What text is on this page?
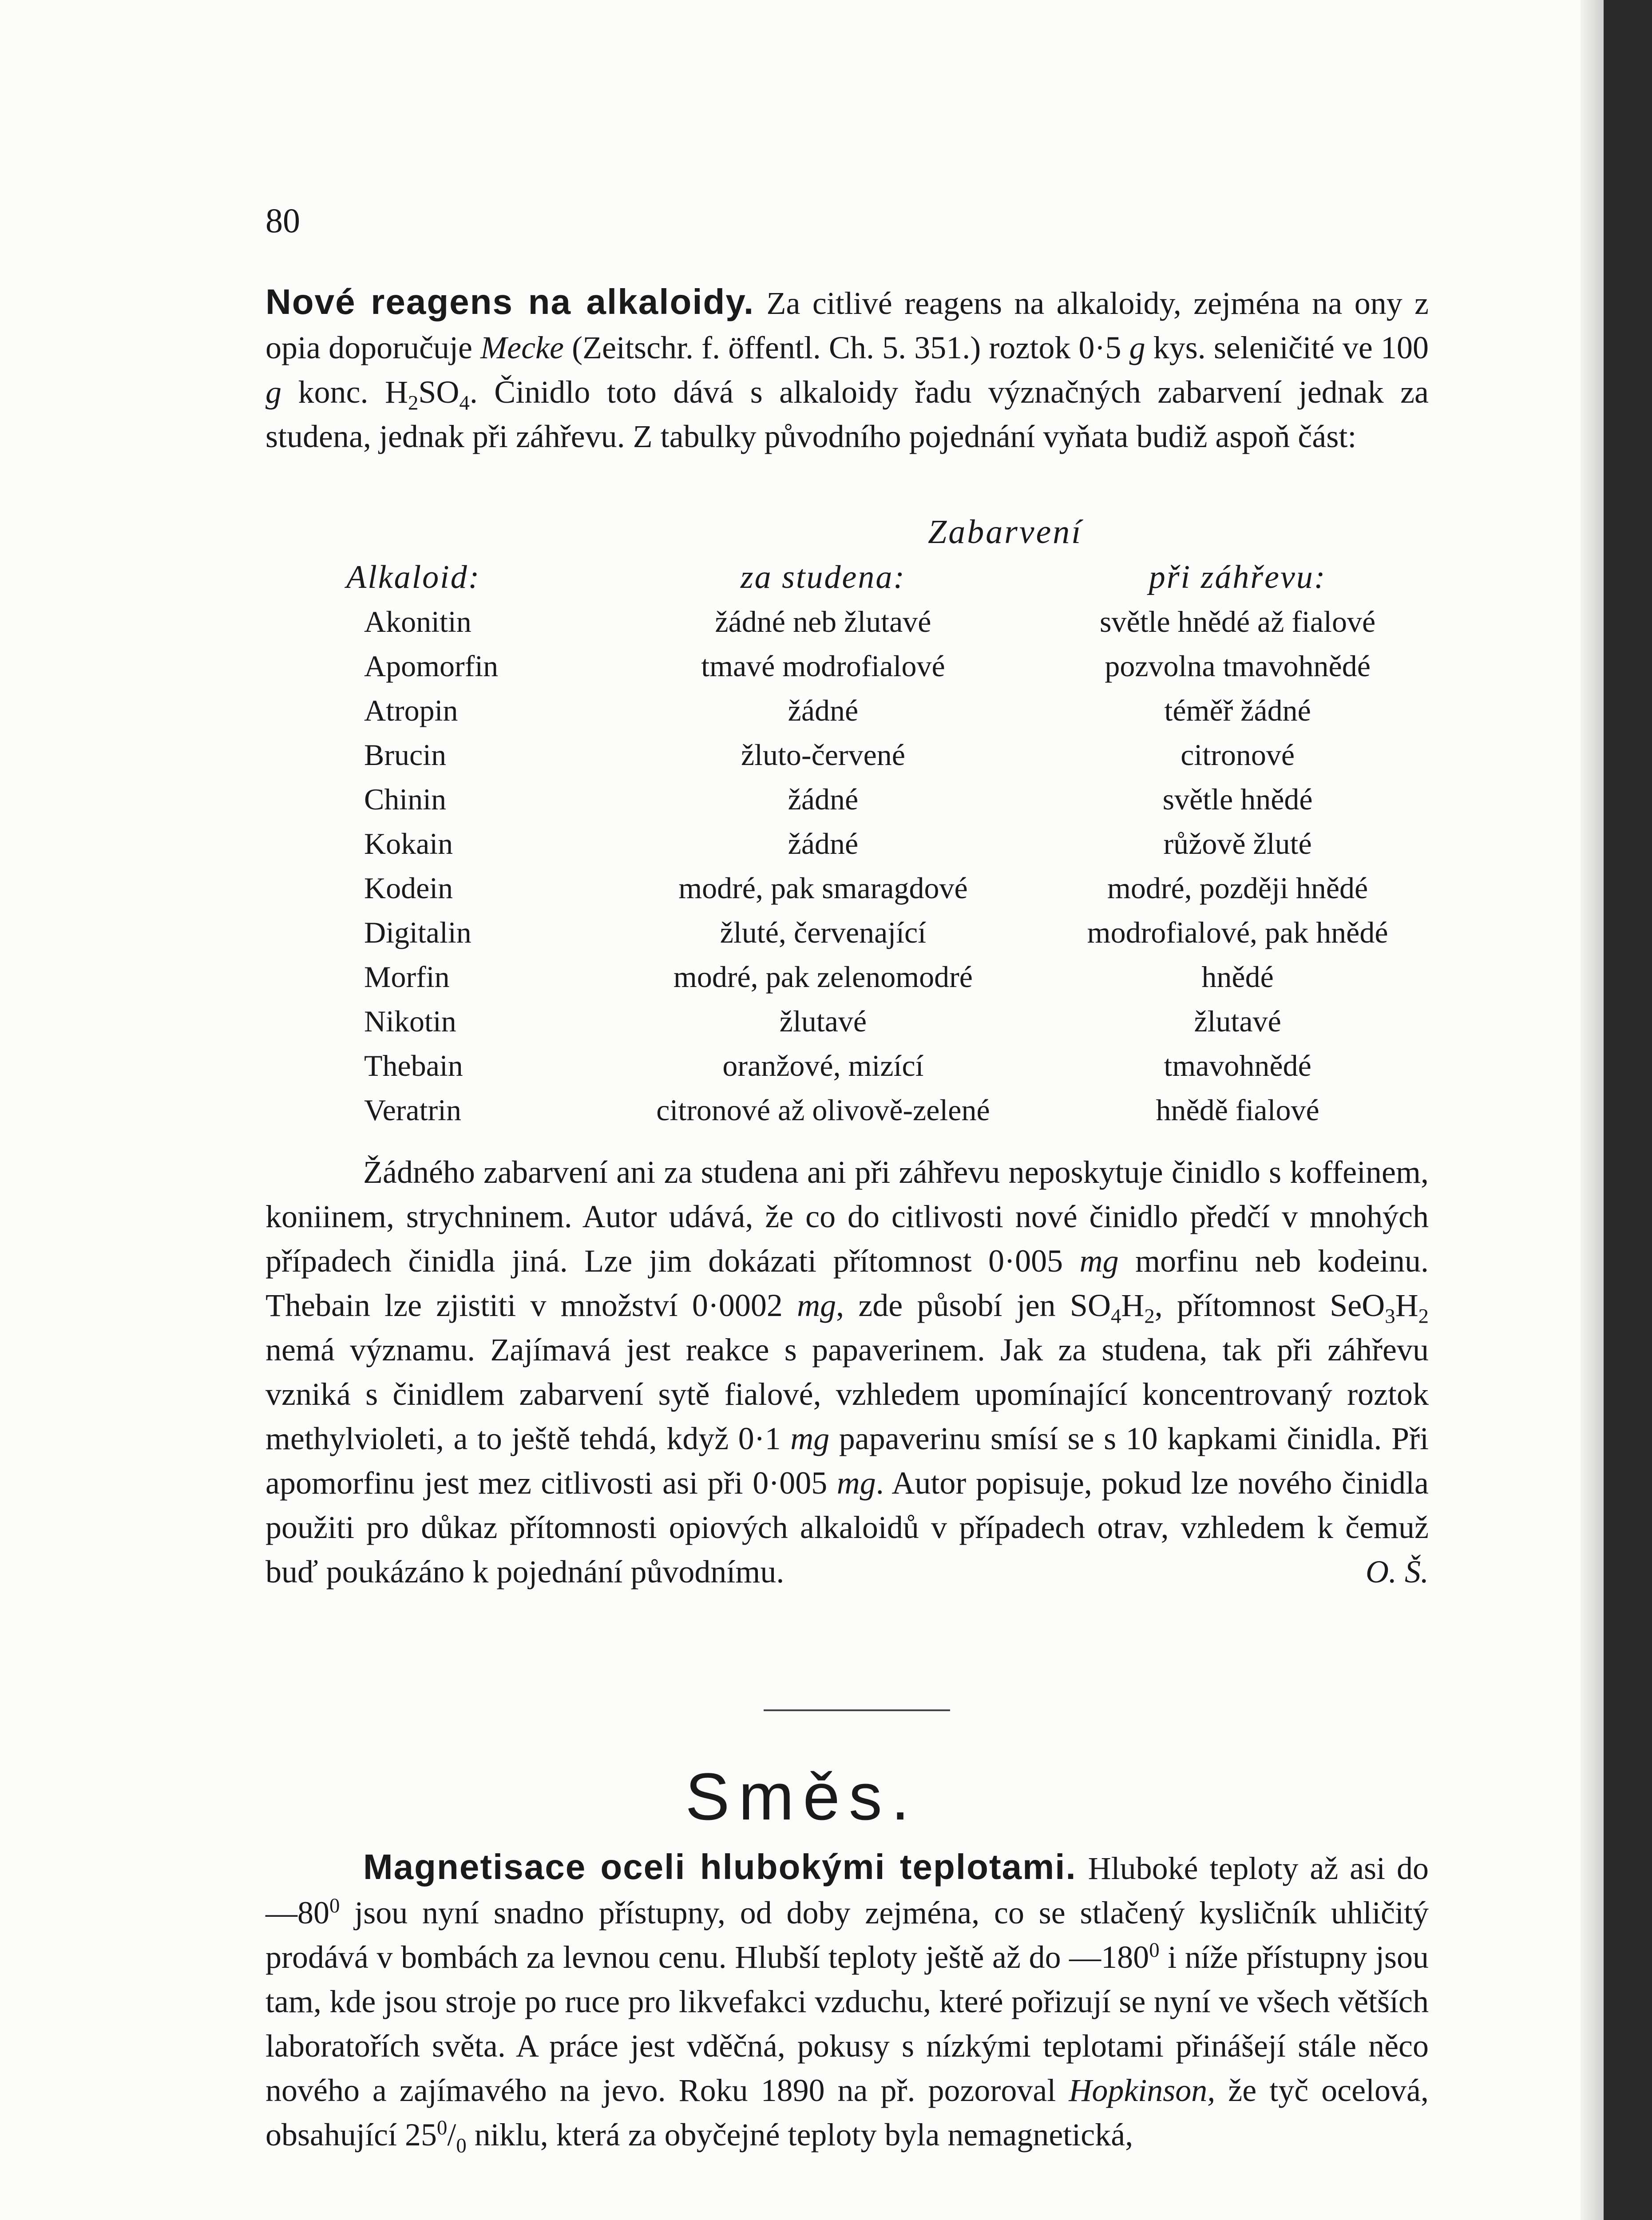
80
Nové reagens na alkaloidy. Za citlivé reagens na alkaloidy, zejména na ony z opia doporučuje Mecke (Zeitschr. f. öffentl. Ch. 5. 351.) roztok 0·5 g kys. seleničité ve 100 g konc. $H_2SO_4$. Činidlo toto dává s alkaloidy řadu význačných zabarvení jednak za studena, jednak při záhřevu. Z tabulky původního pojednání vyňata budiž aspoň část:
Zabarvení
Alkaloid:	za studena:	při záhřevu:
Akonitin	žádné neb žlutavé	světle hnědé až fialové
Apomorfin	tmavé modrofialové	pozvolna tmavohnědé
Atropin	žádné	téměř žádné
Brucin	žluto-červené	citronové
Chinin	žádné	světle hnědé
Kokain	žádné	růžově žluté
Kodein	modré, pak smaragdové	modré, později hnědé
Digitalin	žluté, červenající	modrofialové, pak hnědé
Morfin	modré, pak zelenomodré	hnědé
Nikotin	žlutavé	žlutavé
Thebain	oranžové, mizící	tmavohnědé
Veratrin	citronové až olivově-zelené	hnědě fialové
Žádného zabarvení ani za studena ani při záhřevu neposkytuje činidlo s koffeinem, koniinem, strychninem. Autor udává, že co do citlivosti nové činidlo předčí v mnohých případech činidla jiná. Lze jim dokázati přítomnost 0·005 mg morfinu neb kodeinu. Thebain lze zjistiti v množství 0·0002 mg, zde působí jen $SO_4H_2$, přítomnost $SeO_3H_2$ nemá významu. Zajímavá jest reakce s papaverinem. Jak za studena, tak při záhřevu vzniká s činidlem zabarvení sytě fialové, vzhledem upomínající koncentrovaný roztok methylvioleti, a to ještě tehdá, když 0·1 mg papaverinu smísí se s 10 kapkami činidla. Při apomorfinu jest mez citlivosti asi při 0·005 mg. Autor popisuje, pokud lze nového činidla použiti pro důkaz přítomnosti opiových alkaloidů v případech otrav, vzhledem k čemuž buď poukázáno k pojednání původnímu.	O. Š.
Směs.
Magnetisace oceli hlubokými teplotami. Hluboké teploty až asi do $—80^0$ jsou nyní snadno přístupny, od doby zejména, co se stlačený kysličník uhličitý prodává v bombách za levnou cenu. Hlubší teploty ještě až do $—180^0$ i níže přístupny jsou tam, kde jsou stroje po ruce pro likvefakci vzduchu, které pořizují se nyní ve všech větších laboratořích světa. A práce jest vděčná, pokusy s nízkými teplotami přinášejí stále něco nového a zajímavého na jevo. Roku 1890 na př. pozoroval Hopkinson, že tyč ocelová, obsahující $25^0/_0$ niklu, která za obyčejné teploty byla nemagnetická,
